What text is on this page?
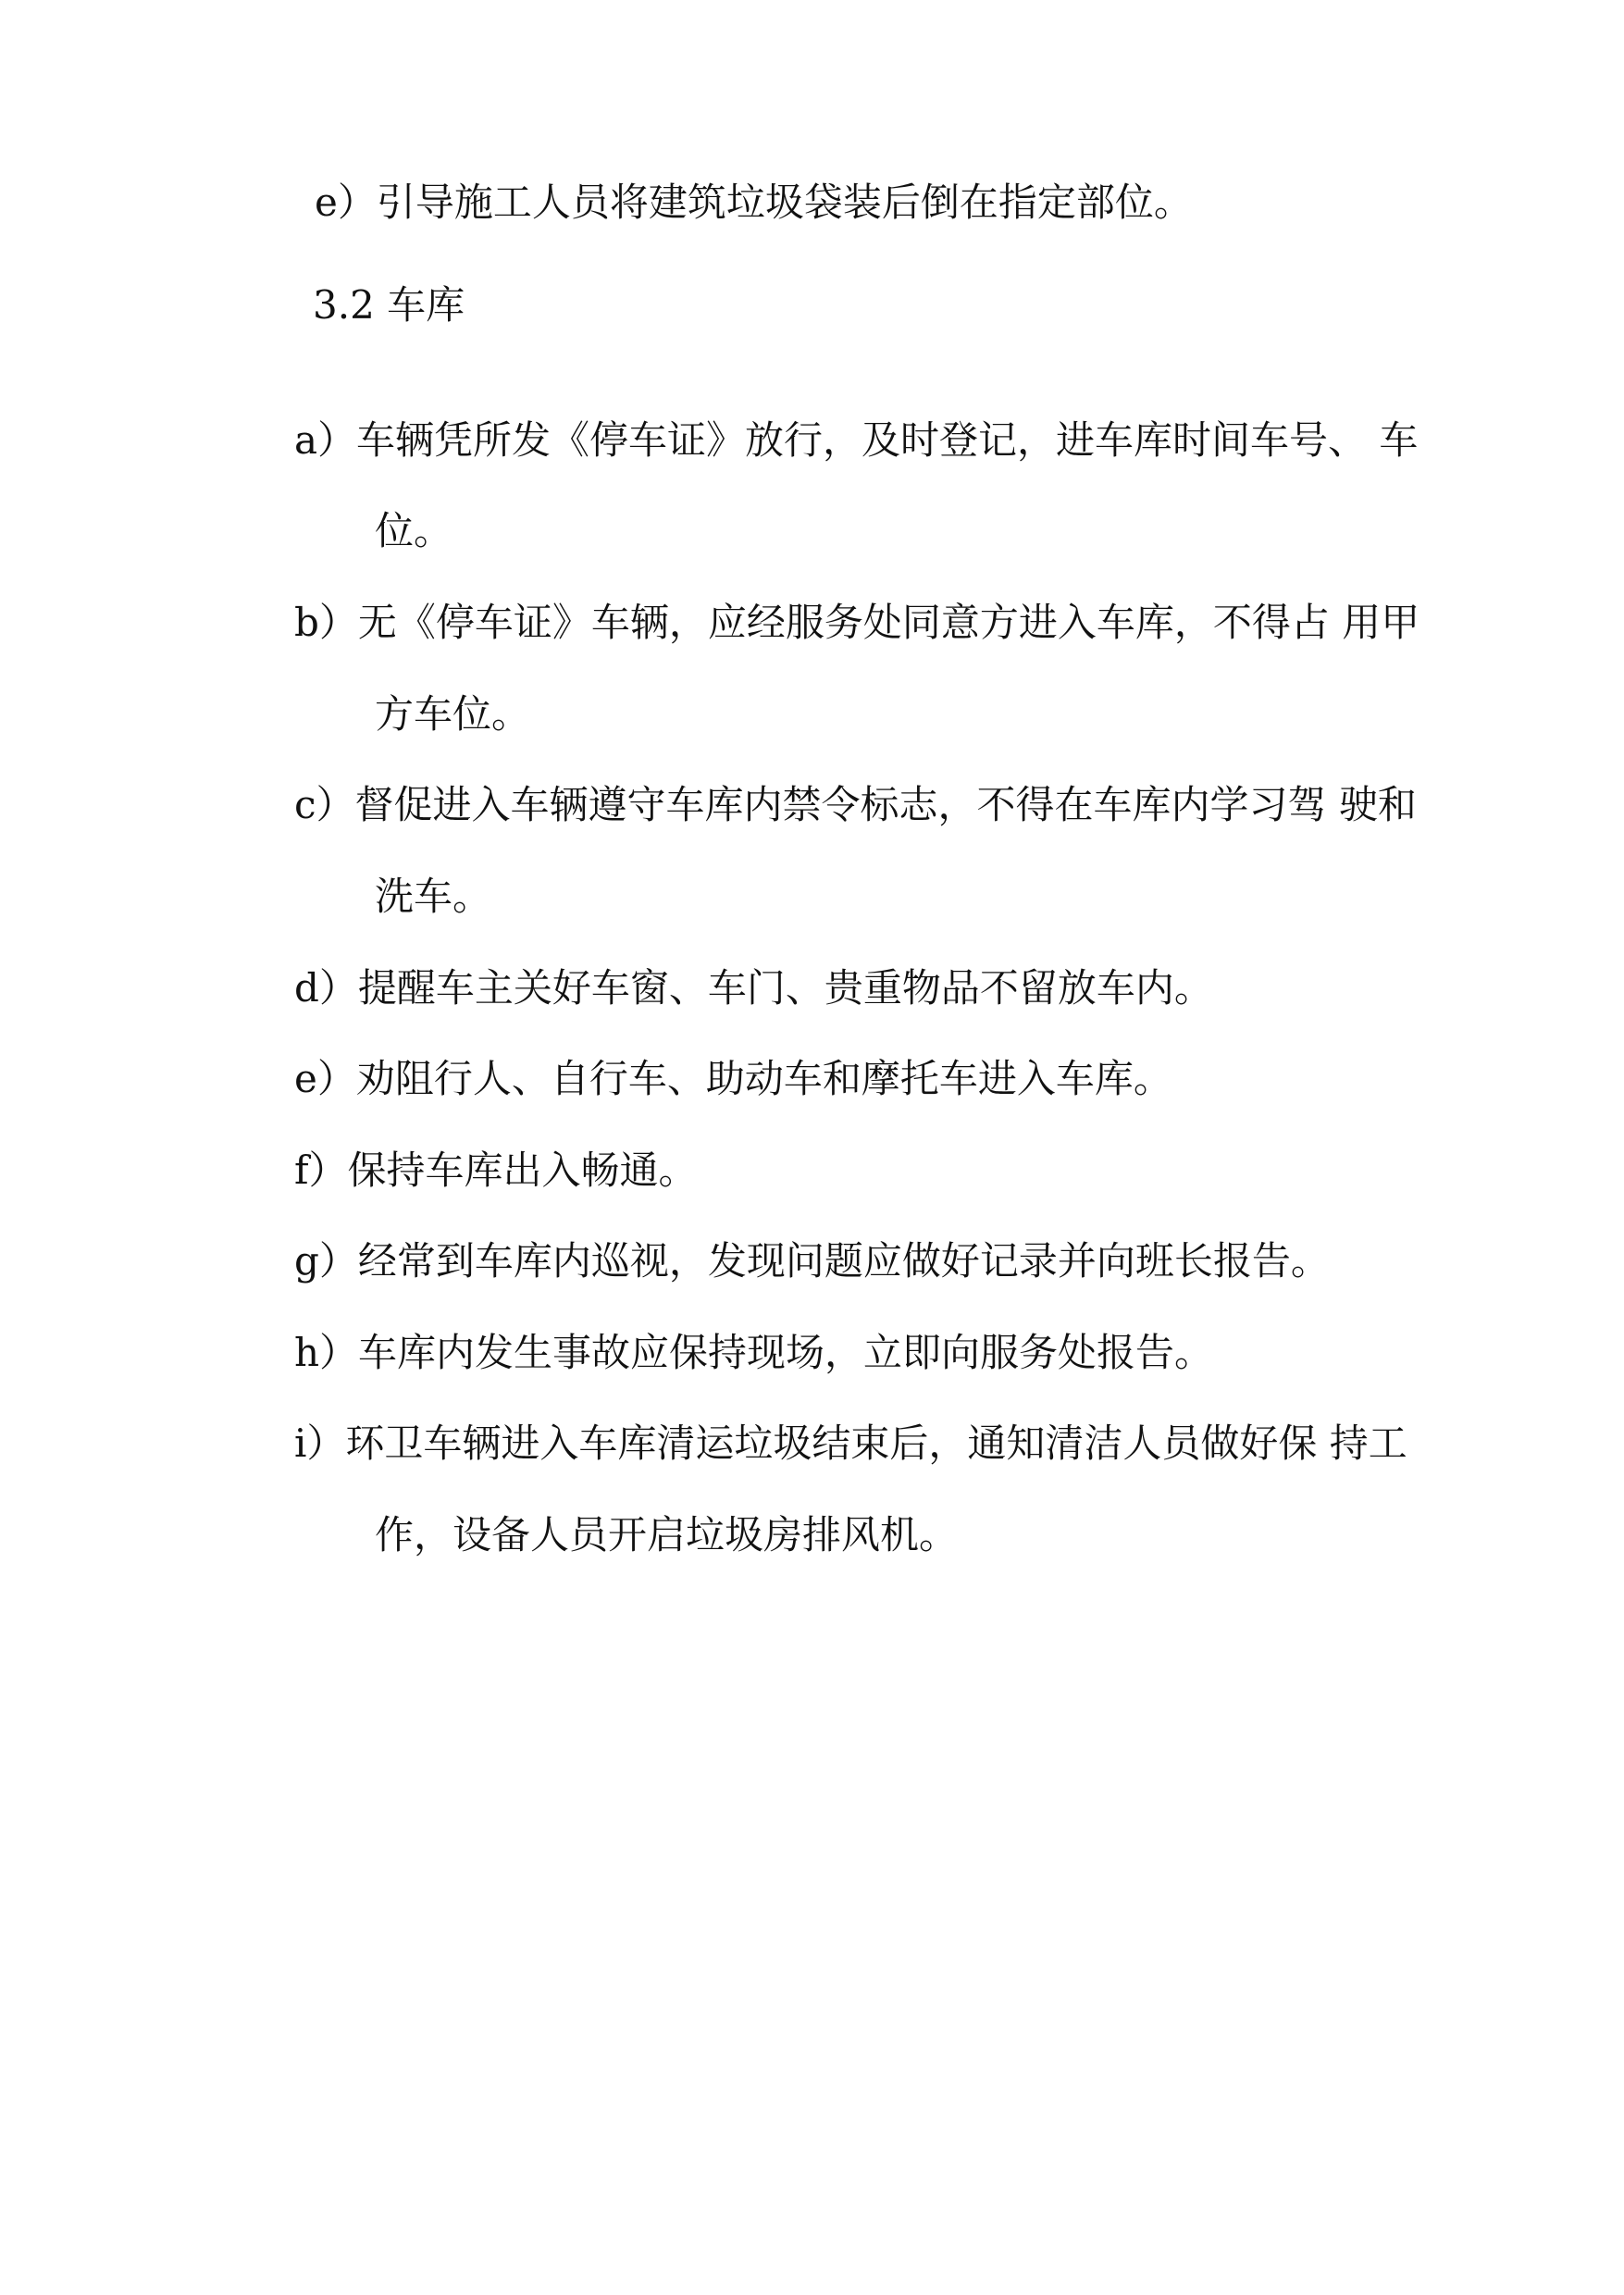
e）引导施工人员将建筑垃圾袋装后倒在指定部位。
3.2 车库
a）车辆凭所发《停车证》放行，及时登记，进车库时间车号、 车
位。
b）无《停车证》车辆，应经服务处同意方进入车库，不得占 用甲
方车位。
c）督促进入车辆遵守车库内禁令标志，不得在车库内学习驾 驶和
洗车。
d）提醒车主关好车窗、车门、贵重物品不留放车内。
e）劝阻行人、自行车、助动车和摩托车进入车库。
f）保持车库出入畅通。
g）经常到车库内巡视，发现问题应做好记录并向班长报告。
h）车库内发生事故应保持现场，立即向服务处报告。
i）环卫车辆进入车库清运垃圾结束后，通知清洁人员做好保 持工
作，设备人员开启垃圾房排风机。
